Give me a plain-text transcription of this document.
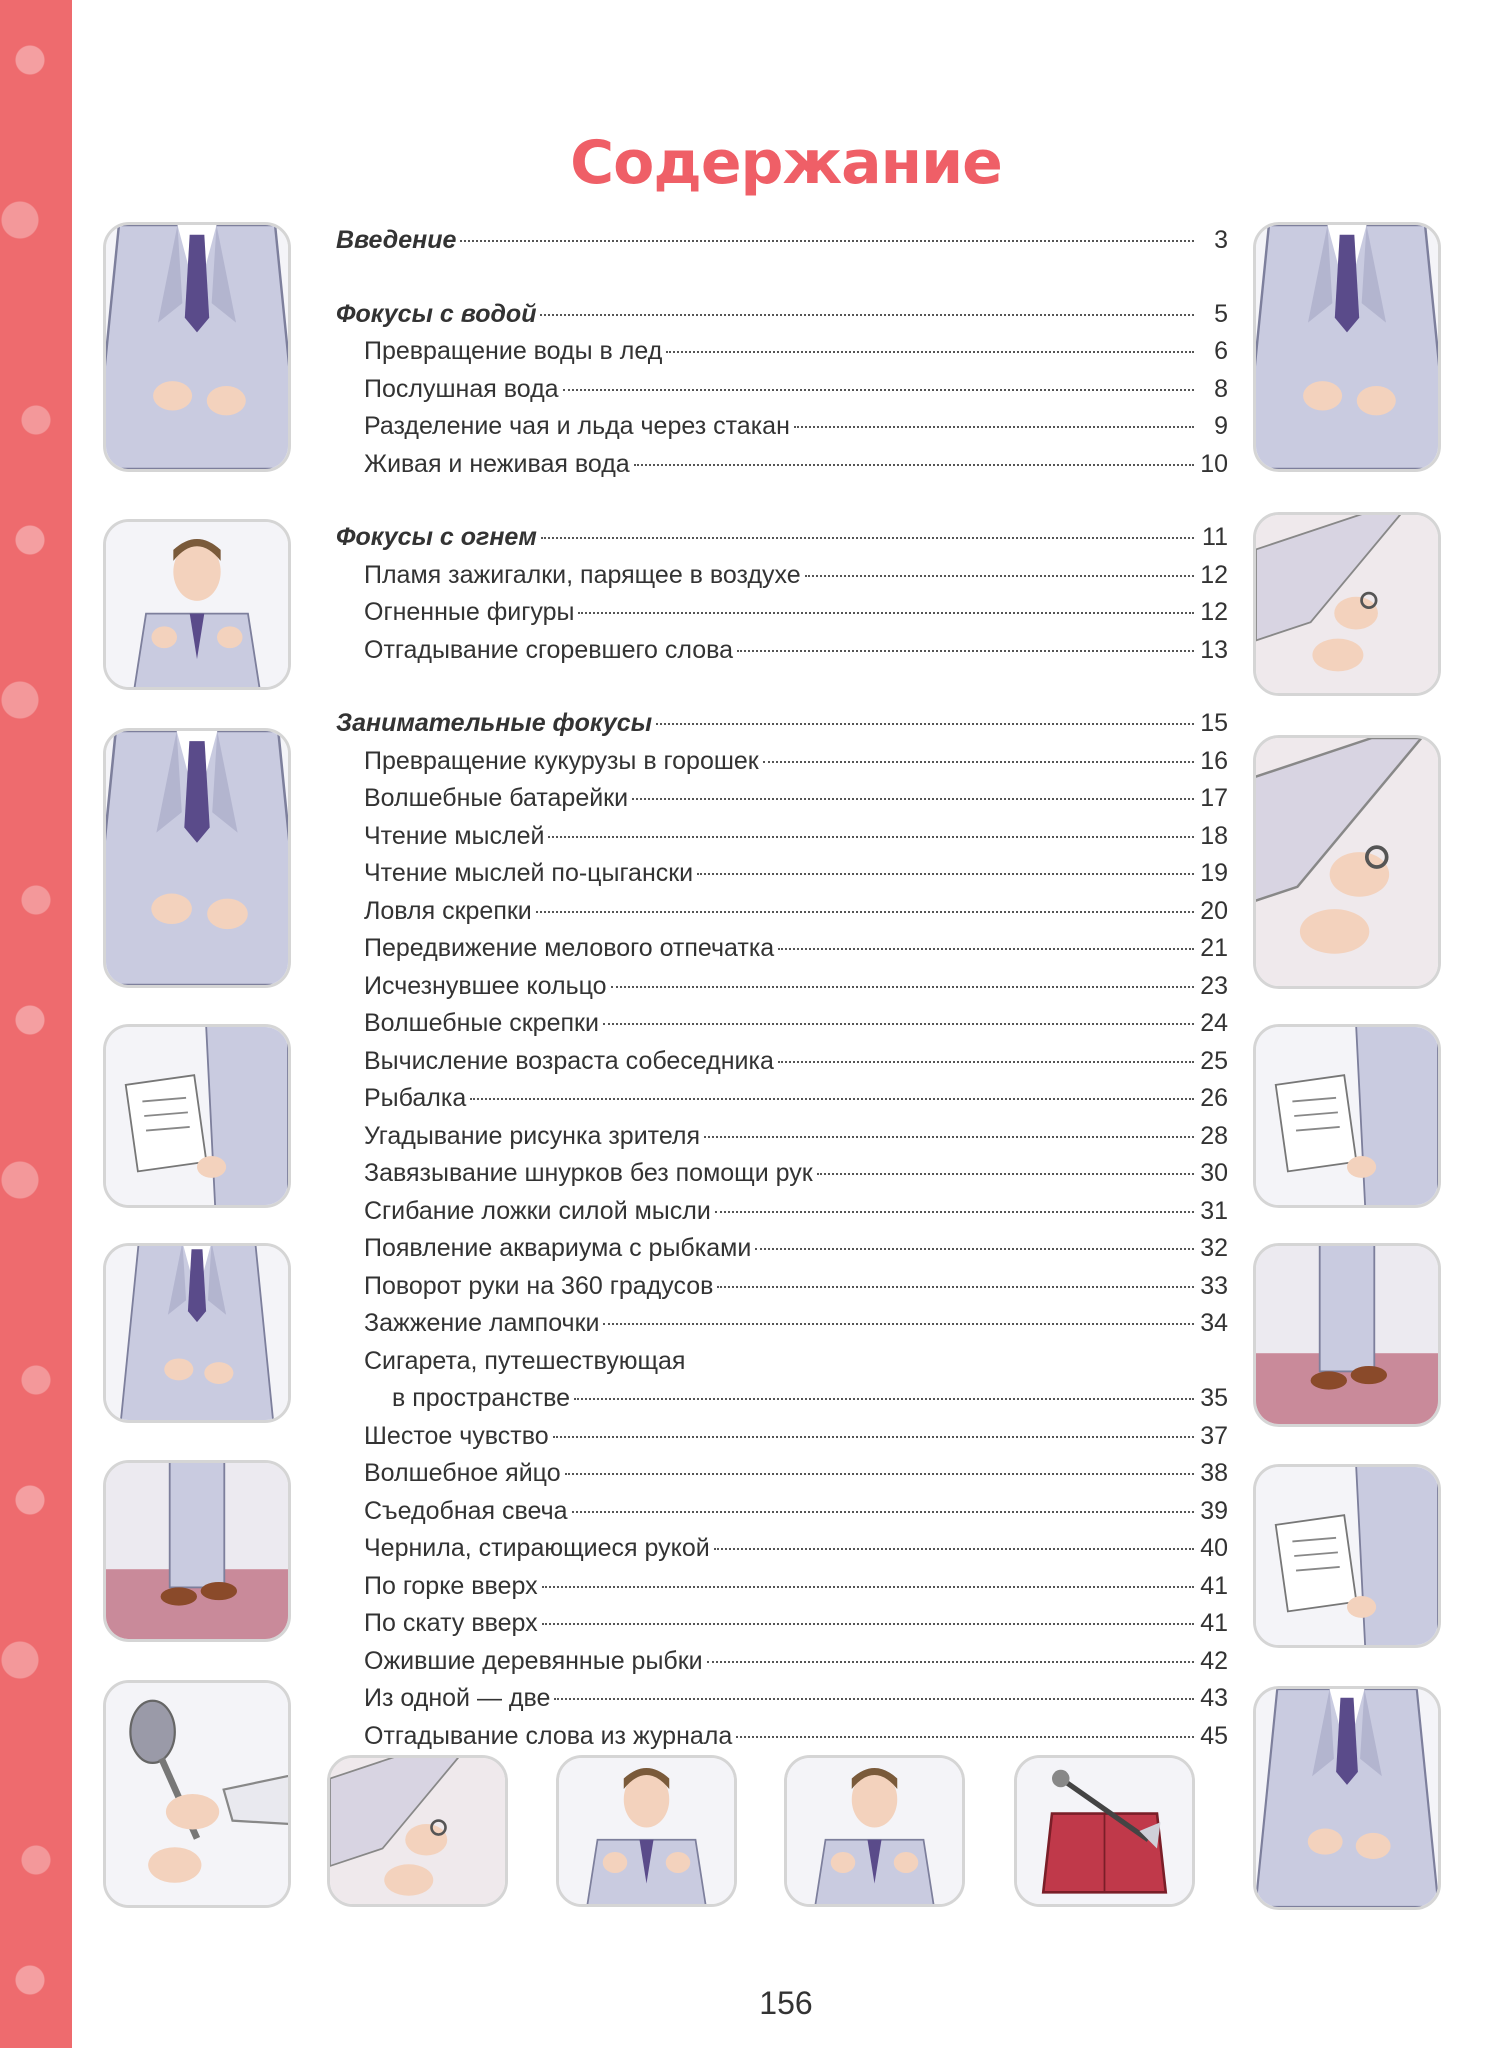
Содержание
Введение	3
Фокусы с водой	5
Превращение воды в лед	6
Послушная вода	8
Разделение чая и льда через стакан	9
Живая и неживая вода	10
Фокусы с огнем	11
Пламя зажигалки, парящее в воздухе	12
Огненные фигуры	12
Отгадывание сгоревшего слова	13
Занимательные фокусы	15
Превращение кукурузы в горошек	16
Волшебные батарейки	17
Чтение мыслей	18
Чтение мыслей по-цыгански	19
Ловля скрепки	20
Передвижение мелового отпечатка	21
Исчезнувшее кольцо	23
Волшебные скрепки	24
Вычисление возраста собеседника	25
Рыбалка	26
Угадывание рисунка зрителя	28
Завязывание шнурков без помощи рук	30
Сгибание ложки силой мысли	31
Появление аквариума с рыбками	32
Поворот руки на 360 градусов	33
Зажжение лампочки	34
Сигарета, путешествующая
в пространстве	35
Шестое чувство	37
Волшебное яйцо	38
Съедобная свеча	39
Чернила, стирающиеся рукой	40
По горке вверх	41
По скату вверх	41
Ожившие деревянные рыбки	42
Из одной — две	43
Отгадывание слова из журнала	45
156
